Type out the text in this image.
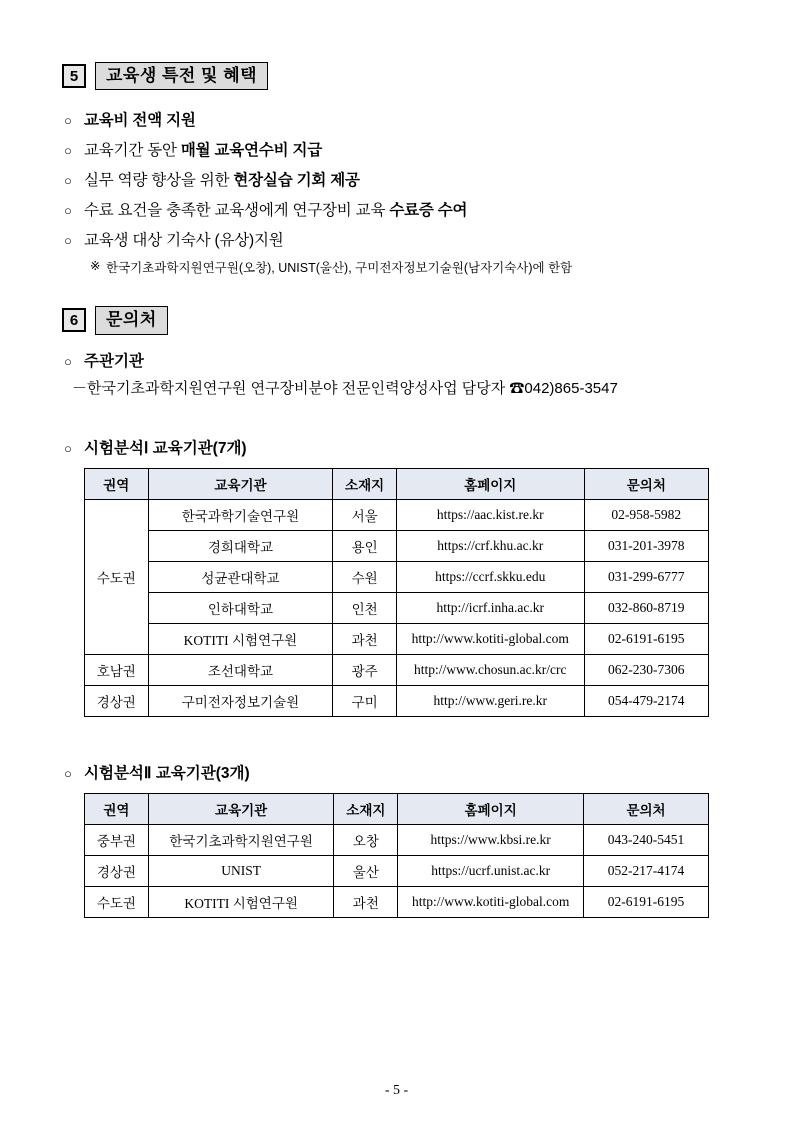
5	교육생 특전 및 혜택
○ 교육비 전액 지원
○ 교육기간 동안 매월 교육연수비 지급
○ 실무 역량 향상을 위한 현장실습 기회 제공
○ 수료 요건을 충족한 교육생에게 연구장비 교육 수료증 수여
○ 교육생 대상 기숙사 (유상)지원
※ 한국기초과학지원연구원(오창), UNIST(울산), 구미전자정보기술원(남자기숙사)에 한함
6	문의처
○ 주관기관
－ 한국기초과학지원연구원 연구장비분야 전문인력양성사업 담당자 ☎042)865-3547
○ 시험분석Ⅰ 교육기관(7개)
권역	교육기관	소재지	홈페이지	문의처
수도권	한국과학기술연구원	서울	https://aac.kist.re.kr	02-958-5982
	경희대학교	용인	https://crf.khu.ac.kr	031-201-3978
	성균관대학교	수원	https://ccrf.skku.edu	031-299-6777
	인하대학교	인천	http://icrf.inha.ac.kr	032-860-8719
	KOTITI 시험연구원	과천	http://www.kotiti-global.com	02-6191-6195
호남권	조선대학교	광주	http://www.chosun.ac.kr/crc	062-230-7306
경상권	구미전자정보기술원	구미	http://www.geri.re.kr	054-479-2174
○ 시험분석Ⅱ 교육기관(3개)
권역	교육기관	소재지	홈페이지	문의처
중부권	한국기초과학지원연구원	오창	https://www.kbsi.re.kr	043-240-5451
경상권	UNIST	울산	https://ucrf.unist.ac.kr	052-217-4174
수도권	KOTITI 시험연구원	과천	http://www.kotiti-global.com	02-6191-6195
- 5 -
